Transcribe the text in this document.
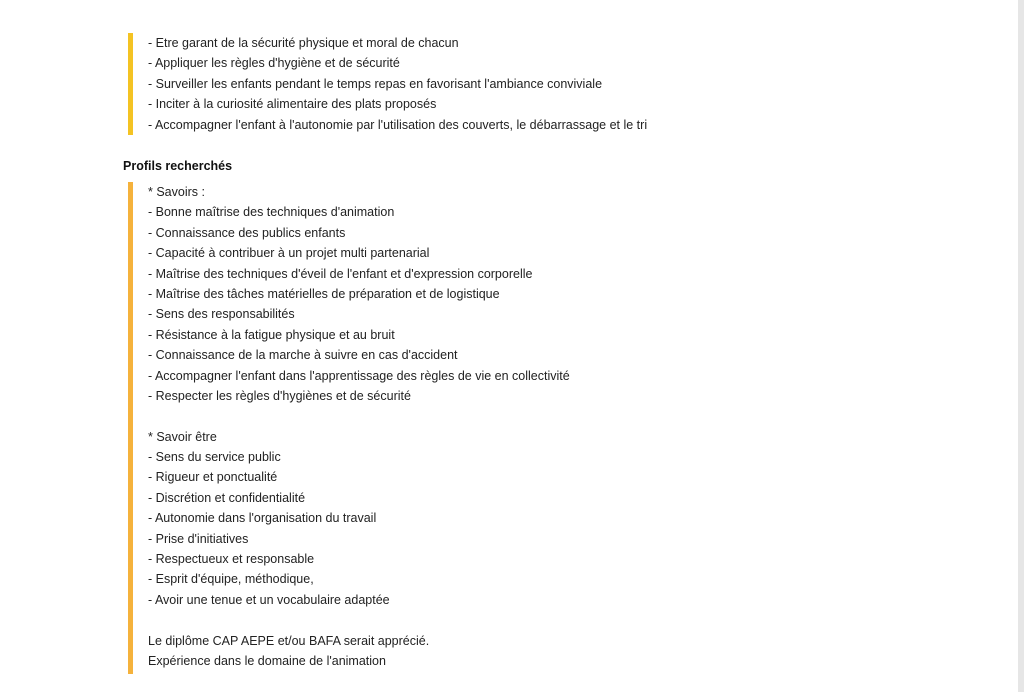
- Etre garant de la sécurité physique et moral de chacun
- Appliquer les règles d'hygiène et de sécurité
- Surveiller les enfants pendant le temps repas en favorisant l'ambiance conviviale
- Inciter à la curiosité alimentaire des plats proposés
- Accompagner l'enfant à l'autonomie par l'utilisation des couverts, le débarrassage et le tri
Profils recherchés
* Savoirs :
- Bonne maîtrise des techniques d'animation
- Connaissance des publics enfants
- Capacité à contribuer à un projet multi partenarial
- Maîtrise des techniques d'éveil de l'enfant et d'expression corporelle
- Maîtrise des tâches matérielles de préparation et de logistique
- Sens des responsabilités
- Résistance à la fatigue physique et au bruit
- Connaissance de la marche à suivre en cas d'accident
- Accompagner l'enfant dans l'apprentissage des règles de vie en collectivité
- Respecter les règles d'hygiènes et de sécurité
* Savoir être
- Sens du service public
- Rigueur et ponctualité
- Discrétion et confidentialité
- Autonomie dans l'organisation du travail
- Prise d'initiatives
- Respectueux et responsable
- Esprit d'équipe, méthodique,
- Avoir une tenue et un vocabulaire adaptée
Le diplôme CAP AEPE et/ou BAFA serait apprécié.
Expérience dans le domaine de l'animation
